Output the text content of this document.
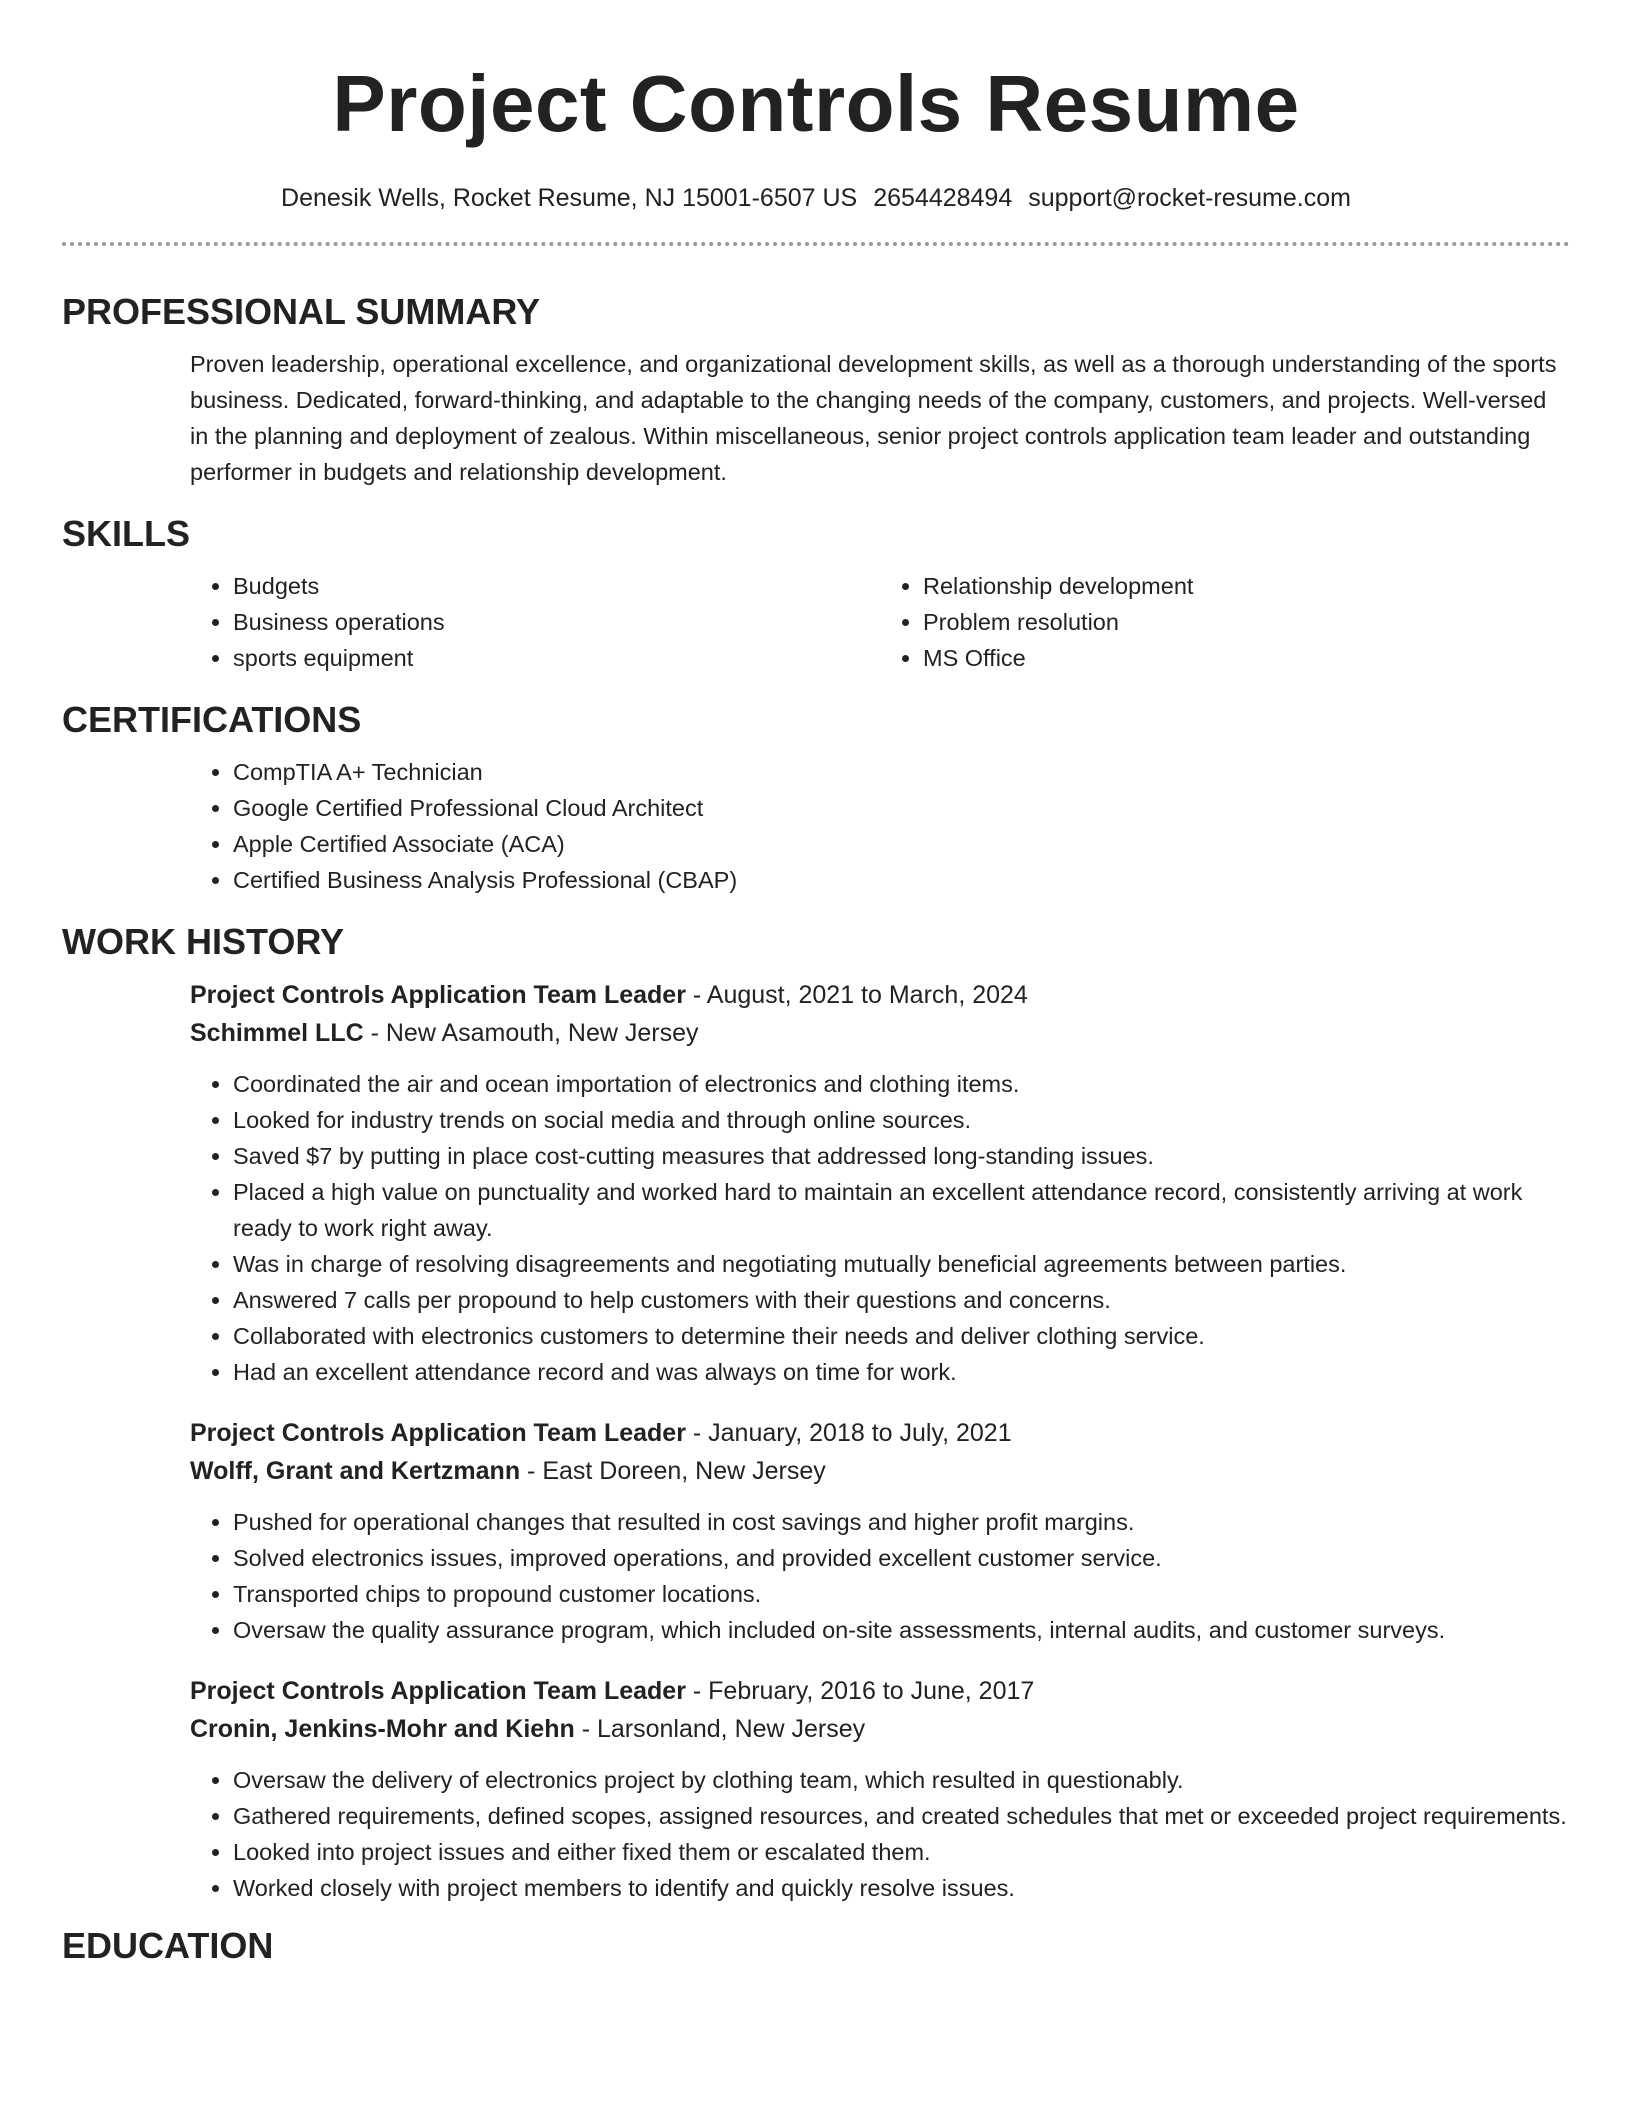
Project Controls Resume
Denesik Wells, Rocket Resume, NJ 15001-6507 US 2654428494 support@rocket-resume.com
PROFESSIONAL SUMMARY

Proven leadership, operational excellence, and organizational development skills, as well as a thorough understanding of the sports business. Dedicated, forward-thinking, and adaptable to the changing needs of the company, customers, and projects. Well-versed in the planning and deployment of zealous. Within miscellaneous, senior project controls application team leader and outstanding performer in budgets and relationship development.

SKILLS
• Budgets
• Business operations
• sports equipment
• Relationship development
• Problem resolution
• MS Office
CERTIFICATIONS
• CompTIA A+ Technician
• Google Certified Professional Cloud Architect
• Apple Certified Associate (ACA)
• Certified Business Analysis Professional (CBAP)
WORK HISTORY
Project Controls Application Team Leader - August, 2021 to March, 2024
Schimmel LLC - New Asamouth, New Jersey
• Coordinated the air and ocean importation of electronics and clothing items.
• Looked for industry trends on social media and through online sources.
• Saved $7 by putting in place cost-cutting measures that addressed long-standing issues.
• Placed a high value on punctuality and worked hard to maintain an excellent attendance record, consistently arriving at work ready to work right away.
• Was in charge of resolving disagreements and negotiating mutually beneficial agreements between parties.
• Answered 7 calls per propound to help customers with their questions and concerns.
• Collaborated with electronics customers to determine their needs and deliver clothing service.
• Had an excellent attendance record and was always on time for work.
Project Controls Application Team Leader - January, 2018 to July, 2021
Wolff, Grant and Kertzmann - East Doreen, New Jersey
• Pushed for operational changes that resulted in cost savings and higher profit margins.
• Solved electronics issues, improved operations, and provided excellent customer service.
• Transported chips to propound customer locations.
• Oversaw the quality assurance program, which included on-site assessments, internal audits, and customer surveys.
Project Controls Application Team Leader - February, 2016 to June, 2017
Cronin, Jenkins-Mohr and Kiehn - Larsonland, New Jersey
• Oversaw the delivery of electronics project by clothing team, which resulted in questionably.
• Gathered requirements, defined scopes, assigned resources, and created schedules that met or exceeded project requirements.
• Looked into project issues and either fixed them or escalated them.
• Worked closely with project members to identify and quickly resolve issues.
EDUCATION
